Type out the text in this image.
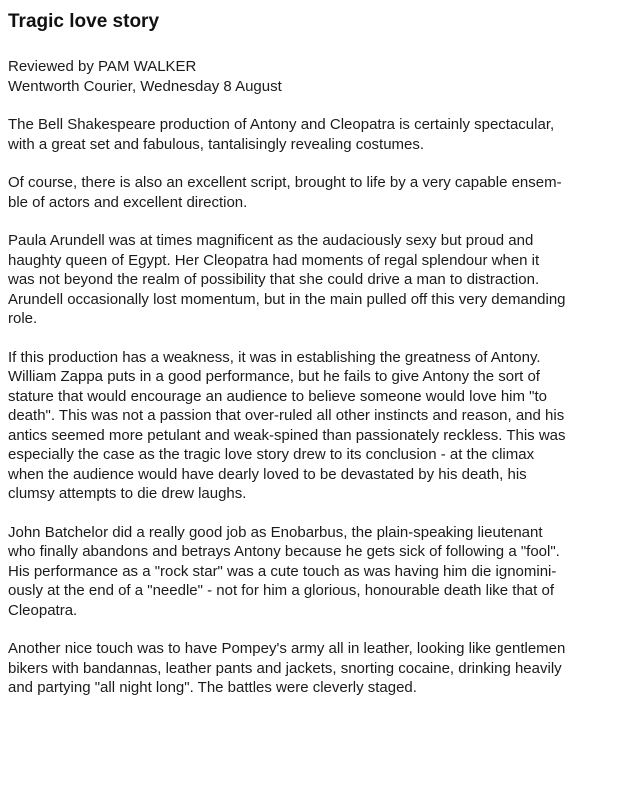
Tragic love story
Reviewed by PAM WALKER
Wentworth Courier, Wednesday 8 August
The Bell Shakespeare production of Antony and Cleopatra is certainly spectacular,
with a great set and fabulous, tantalisingly revealing costumes.
Of course, there is also an excellent script, brought to life by a very capable ensem-
ble of actors and excellent direction.
Paula Arundell was at times magnificent as the audaciously sexy but proud and
haughty queen of Egypt. Her Cleopatra had moments of regal splendour when it
was not beyond the realm of possibility that she could drive a man to distraction.
Arundell occasionally lost momentum, but in the main pulled off this very demanding
role.
If this production has a weakness, it was in establishing the greatness of Antony.
William Zappa puts in a good performance, but he fails to give Antony the sort of
stature that would encourage an audience to believe someone would love him "to
death". This was not a passion that over-ruled all other instincts and reason, and his
antics seemed more petulant and weak-spined than passionately reckless. This was
especially the case as the tragic love story drew to its conclusion - at the climax
when the audience would have dearly loved to be devastated by his death, his
clumsy attempts to die drew laughs.
John Batchelor did a really good job as Enobarbus, the plain-speaking lieutenant
who finally abandons and betrays Antony because he gets sick of following a "fool".
His performance as a "rock star" was a cute touch as was having him die ignomini-
ously at the end of a "needle" - not for him a glorious, honourable death like that of
Cleopatra.
Another nice touch was to have Pompey's army all in leather, looking like gentlemen
bikers with bandannas, leather pants and jackets, snorting cocaine, drinking heavily
and partying "all night long". The battles were cleverly staged.
